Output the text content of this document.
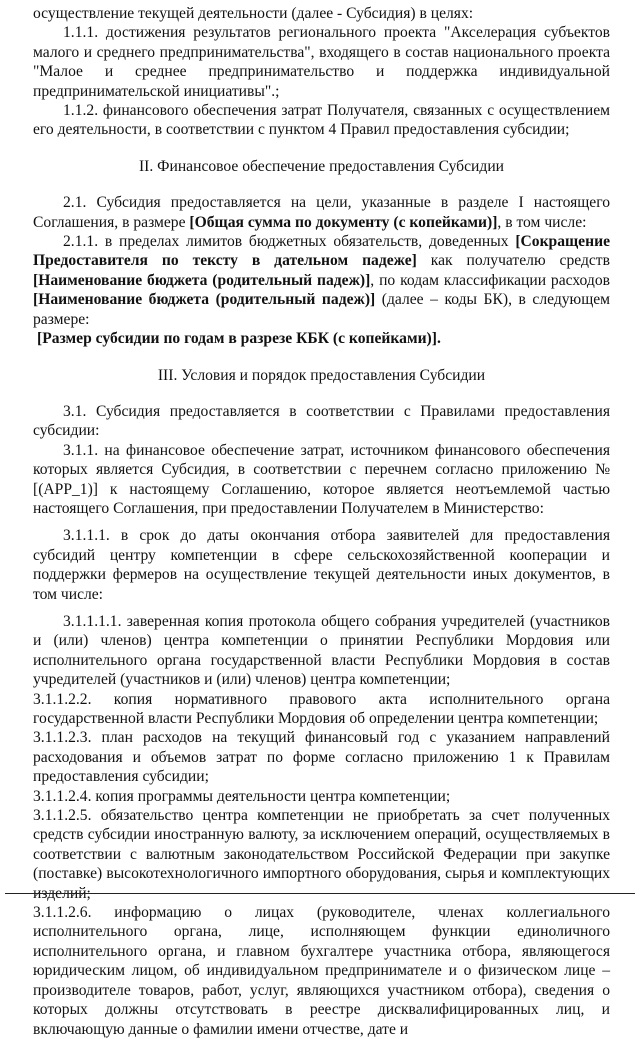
осуществление текущей деятельности (далее - Субсидия) в целях:

1.1.1. достижения результатов регионального проекта "Акселерация субъектов малого и среднего предпринимательства", входящего в состав национального проекта "Малое и среднее предпринимательство и поддержка индивидуальной предпринимательской инициативы".;

1.1.2. финансового обеспечения затрат Получателя, связанных с осуществлением его деятельности, в соответствии с пунктом 4 Правил предоставления субсидии;

II. Финансовое обеспечение предоставления Субсидии

2.1. Субсидия предоставляется на цели, указанные в разделе I настоящего Соглашения, в размере [Общая сумма по документу (с копейками)], в том числе:

2.1.1. в пределах лимитов бюджетных обязательств, доведенных [Сокращение Предоставителя по тексту в дательном падеже] как получателю средств [Наименование бюджета (родительный падеж)], по кодам классификации расходов [Наименование бюджета (родительный падеж)] (далее – коды БК), в следующем размере:

[Размер субсидии по годам в разрезе КБК (с копейками)].

III. Условия и порядок предоставления Субсидии

3.1. Субсидия предоставляется в соответствии с Правилами предоставления субсидии:

3.1.1. на финансовое обеспечение затрат, источником финансового обеспечения которых является Субсидия, в соответствии с перечнем согласно приложению № [(APP_1)] к настоящему Соглашению, которое является неотъемлемой частью настоящего Соглашения, при предоставлении Получателем в Министерство:

3.1.1.1. в срок до даты окончания отбора заявителей для предоставления субсидий центру компетенции в сфере сельскохозяйственной кооперации и поддержки фермеров на осуществление текущей деятельности иных документов, в том числе:

3.1.1.1.1. заверенная копия протокола общего собрания учредителей (участников и (или) членов) центра компетенции о принятии Республики Мордовия или исполнительного органа государственной власти Республики Мордовия в состав учредителей (участников и (или) членов) центра компетенции;

3.1.1.2.2. копия нормативного правового акта исполнительного органа государственной власти Республики Мордовия об определении центра компетенции;

3.1.1.2.3. план расходов на текущий финансовый год с указанием направлений расходования и объемов затрат по форме согласно приложению 1 к Правилам предоставления субсидии;

3.1.1.2.4. копия программы деятельности центра компетенции;

3.1.1.2.5. обязательство центра компетенции не приобретать за счет полученных средств субсидии иностранную валюту, за исключением операций, осуществляемых в соответствии с валютным законодательством Российской Федерации при закупке (поставке) высокотехнологичного импортного оборудования, сырья и комплектующих изделий;

3.1.1.2.6. информацию о лицах (руководителе, членах коллегиального исполнительного органа, лице, исполняющем функции единоличного исполнительного органа, и главном бухгалтере участника отбора, являющегося юридическим лицом, об индивидуальном предпринимателе и о физическом лице – производителе товаров, работ, услуг, являющихся участником отбора), сведения о которых должны отсутствовать в реестре дисквалифицированных лиц, и включающую данные о фамилии имени отчестве, дате и
